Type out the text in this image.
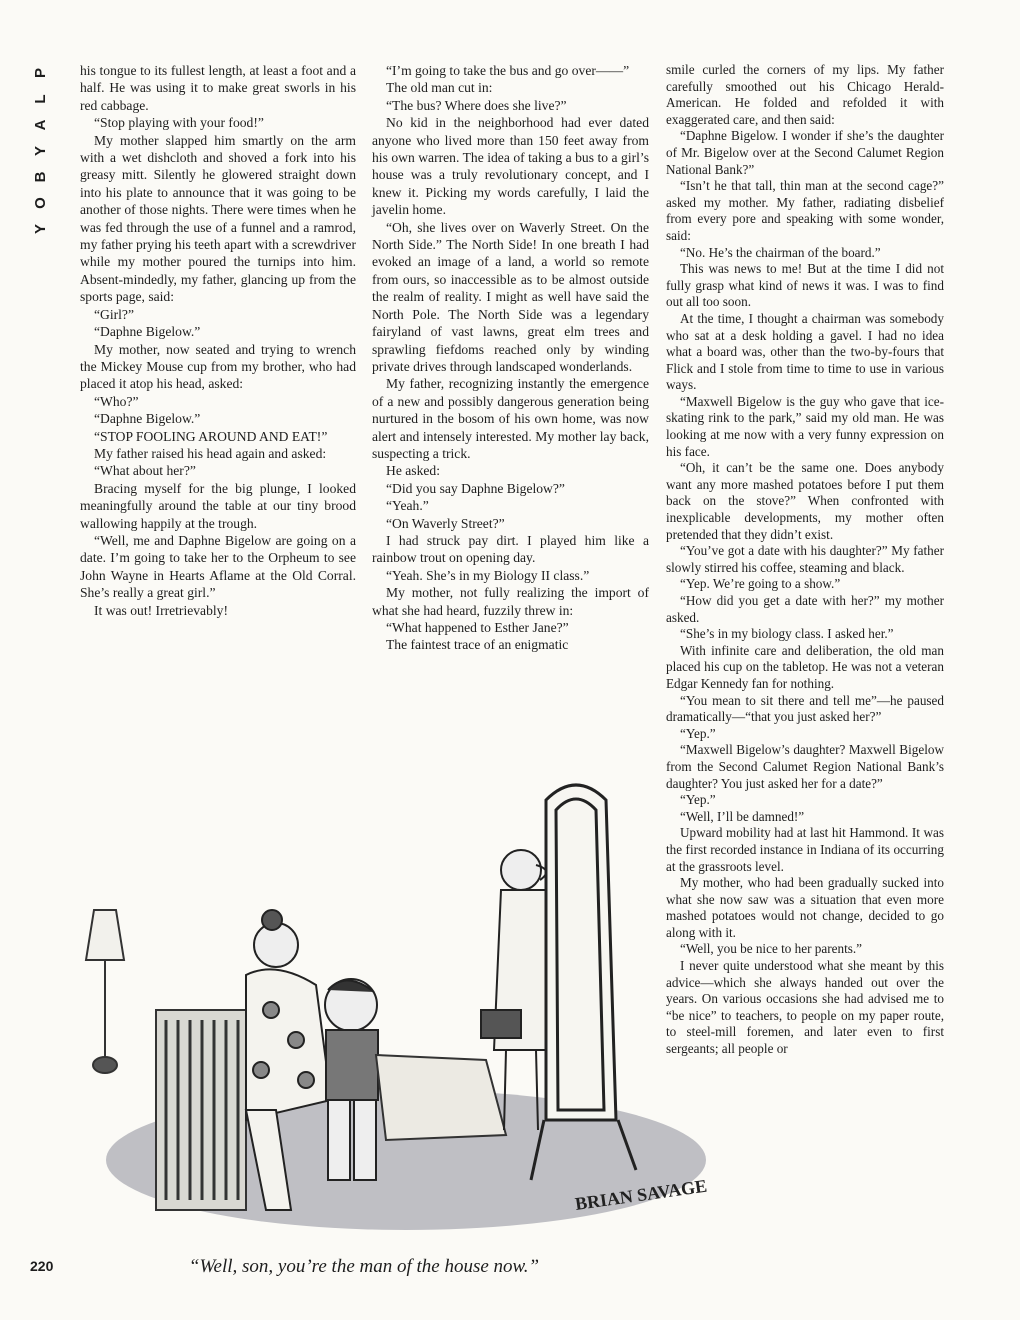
P
L
A
Y
B
O
Y

his tongue to its fullest length, at least a foot and a half. He was using it to make great sworls in his red cabbage.

“Stop playing with your food!”

My mother slapped him smartly on the arm with a wet dishcloth and shoved a fork into his greasy mitt. Silently he glowered straight down into his plate to announce that it was going to be another of those nights. There were times when he was fed through the use of a funnel and a ramrod, my father prying his teeth apart with a screwdriver while my mother poured the turnips into him. Absent-mindedly, my father, glancing up from the sports page, said:

“Girl?”

“Daphne Bigelow.”

My mother, now seated and trying to wrench the Mickey Mouse cup from my brother, who had placed it atop his head, asked:

“Who?”

“Daphne Bigelow.”

“STOP FOOLING AROUND AND EAT!”

My father raised his head again and asked:

“What about her?”

Bracing myself for the big plunge, I looked meaningfully around the table at our tiny brood wallowing happily at the trough.

“Well, me and Daphne Bigelow are going on a date. I’m going to take her to the Orpheum to see John Wayne in Hearts Aflame at the Old Corral. She’s really a great girl.”

It was out! Irretrievably!

“I’m going to take the bus and go over——”

The old man cut in:

“The bus? Where does she live?”

No kid in the neighborhood had ever dated anyone who lived more than 150 feet away from his own warren. The idea of taking a bus to a girl’s house was a truly revolutionary concept, and I knew it. Picking my words carefully, I laid the javelin home.

“Oh, she lives over on Waverly Street. On the North Side.” The North Side! In one breath I had evoked an image of a land, a world so remote from ours, so inaccessible as to be almost outside the realm of reality. I might as well have said the North Pole. The North Side was a legendary fairyland of vast lawns, great elm trees and sprawling fiefdoms reached only by winding private drives through landscaped wonderlands.

My father, recognizing instantly the emergence of a new and possibly dangerous generation being nurtured in the bosom of his own home, was now alert and intensely interested. My mother lay back, suspecting a trick.

He asked:

“Did you say Daphne Bigelow?”

“Yeah.”

“On Waverly Street?”

I had struck pay dirt. I played him like a rainbow trout on opening day.

“Yeah. She’s in my Biology II class.”

My mother, not fully realizing the import of what she had heard, fuzzily threw in:

“What happened to Esther Jane?”

The faintest trace of an enigmatic

smile curled the corners of my lips. My father carefully smoothed out his Chicago Herald-American. He folded and refolded it with exaggerated care, and then said:

“Daphne Bigelow. I wonder if she’s the daughter of Mr. Bigelow over at the Second Calumet Region National Bank?”

“Isn’t he that tall, thin man at the second cage?” asked my mother. My father, radiating disbelief from every pore and speaking with some wonder, said:

“No. He’s the chairman of the board.”

This was news to me! But at the time I did not fully grasp what kind of news it was. I was to find out all too soon.

At the time, I thought a chairman was somebody who sat at a desk holding a gavel. I had no idea what a board was, other than the two-by-fours that Flick and I stole from time to time to use in various ways.

“Maxwell Bigelow is the guy who gave that ice-skating rink to the park,” said my old man. He was looking at me now with a very funny expression on his face.

“Oh, it can’t be the same one. Does anybody want any more mashed potatoes before I put them back on the stove?” When confronted with inexplicable developments, my mother often pretended that they didn’t exist.

“You’ve got a date with his daughter?” My father slowly stirred his coffee, steaming and black.

“Yep. We’re going to a show.”

“How did you get a date with her?” my mother asked.

“She’s in my biology class. I asked her.”

With infinite care and deliberation, the old man placed his cup on the tabletop. He was not a veteran Edgar Kennedy fan for nothing.

“You mean to sit there and tell me”—he paused dramatically—“that you just asked her?”

“Yep.”

“Maxwell Bigelow’s daughter? Maxwell Bigelow from the Second Calumet Region National Bank’s daughter? You just asked her for a date?”

“Yep.”

“Well, I’ll be damned!”

Upward mobility had at last hit Hammond. It was the first recorded instance in Indiana of its occurring at the grassroots level.

My mother, who had been gradually sucked into what she now saw was a situation that even more mashed potatoes would not change, decided to go along with it.

“Well, you be nice to her parents.”

I never quite understood what she meant by this advice—which she always handed out over the years. On various occasions she had advised me to “be nice” to teachers, to people on my paper route, to steel-mill foremen, and later even to first sergeants; all people or

BRIAN SAVAGE
“Well, son, you’re the man of the house now.”
220
